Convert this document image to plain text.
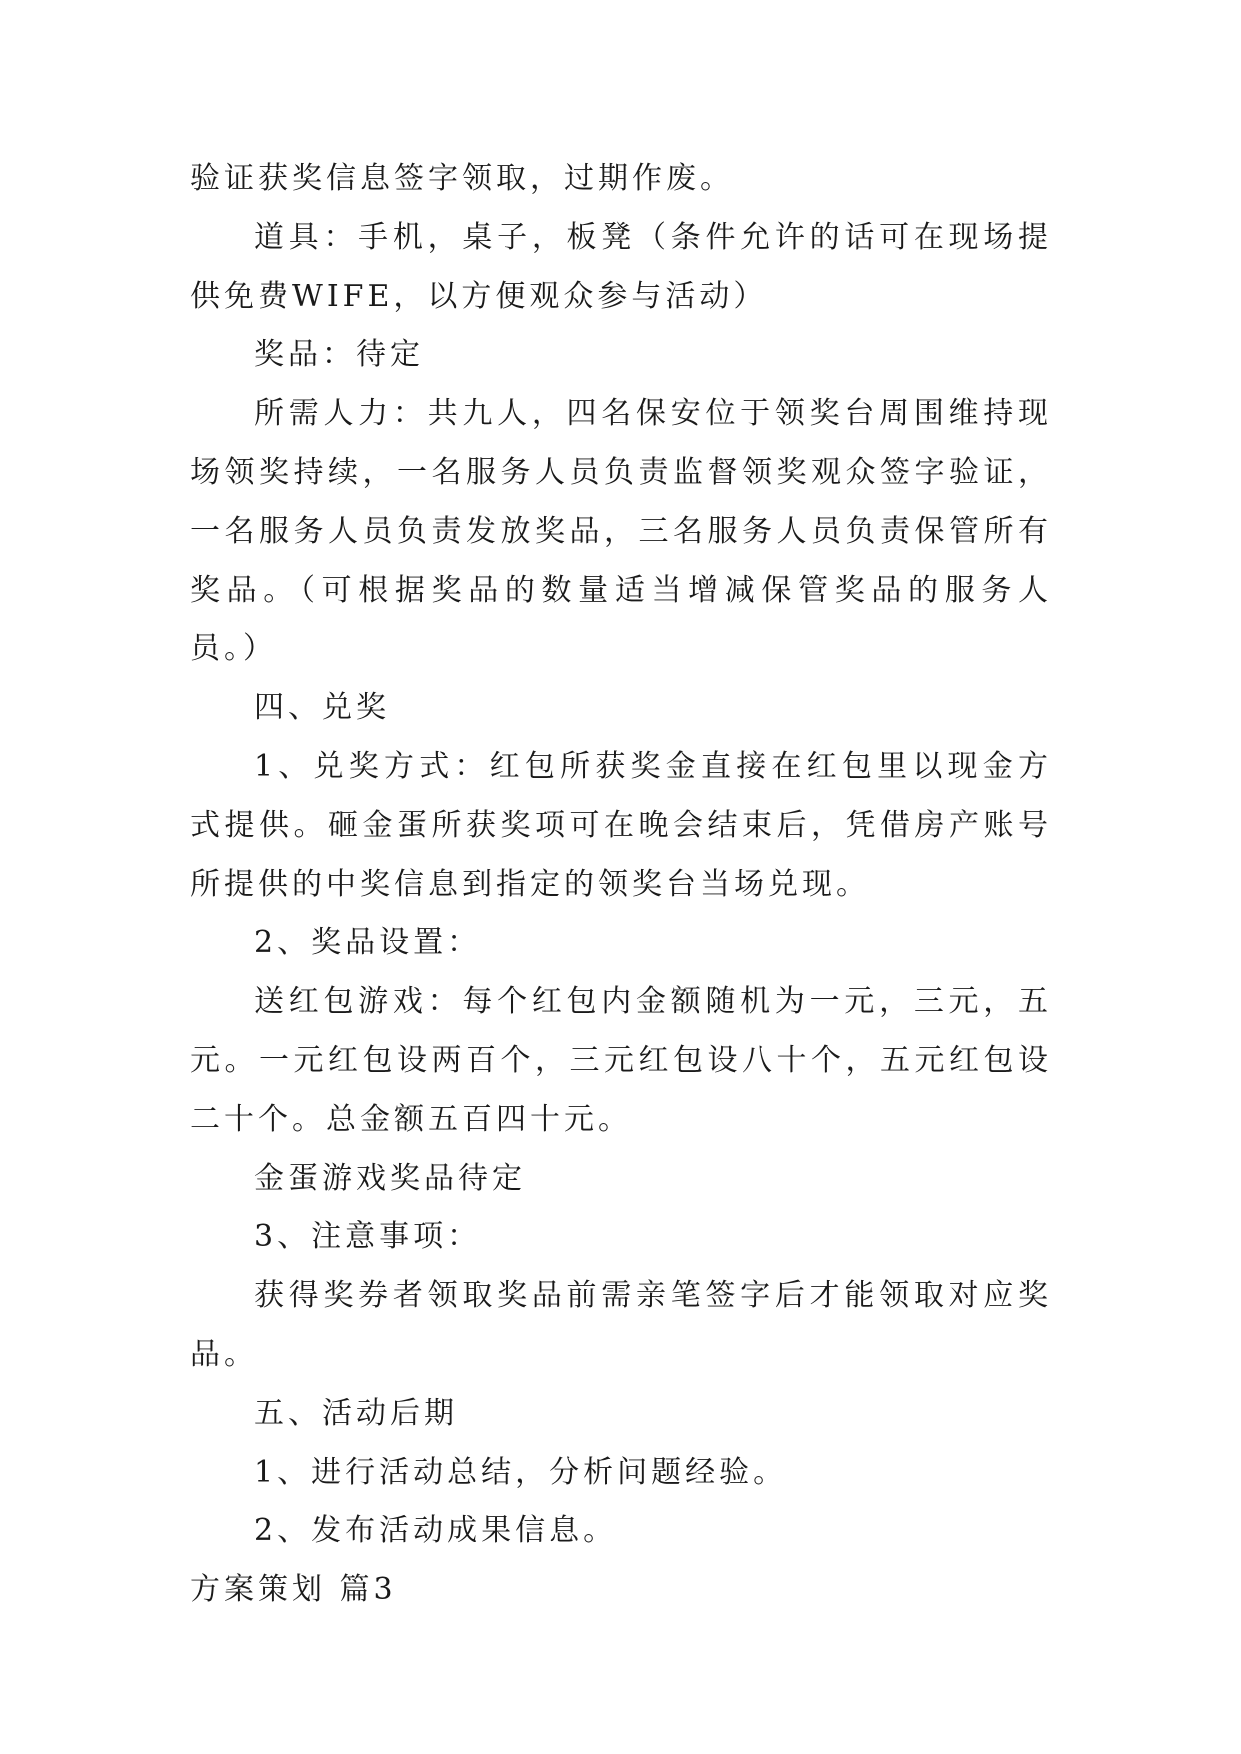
验证获奖信息签字领取，过期作废。

道具：手机，桌子，板凳（条件允许的话可在现场提供免费WIFE，以方便观众参与活动）

奖品：待定

所需人力：共九人，四名保安位于领奖台周围维持现场领奖持续，一名服务人员负责监督领奖观众签字验证，一名服务人员负责发放奖品，三名服务人员负责保管所有奖品。（可根据奖品的数量适当增减保管奖品的服务人员。）

四、兑奖

1、兑奖方式：红包所获奖金直接在红包里以现金方式提供。砸金蛋所获奖项可在晚会结束后，凭借房产账号所提供的中奖信息到指定的领奖台当场兑现。

2、奖品设置：

送红包游戏：每个红包内金额随机为一元，三元，五元。一元红包设两百个，三元红包设八十个，五元红包设二十个。总金额五百四十元。

金蛋游戏奖品待定

3、注意事项：

获得奖券者领取奖品前需亲笔签字后才能领取对应奖品。

五、活动后期

1、进行活动总结，分析问题经验。

2、发布活动成果信息。

方案策划 篇3
